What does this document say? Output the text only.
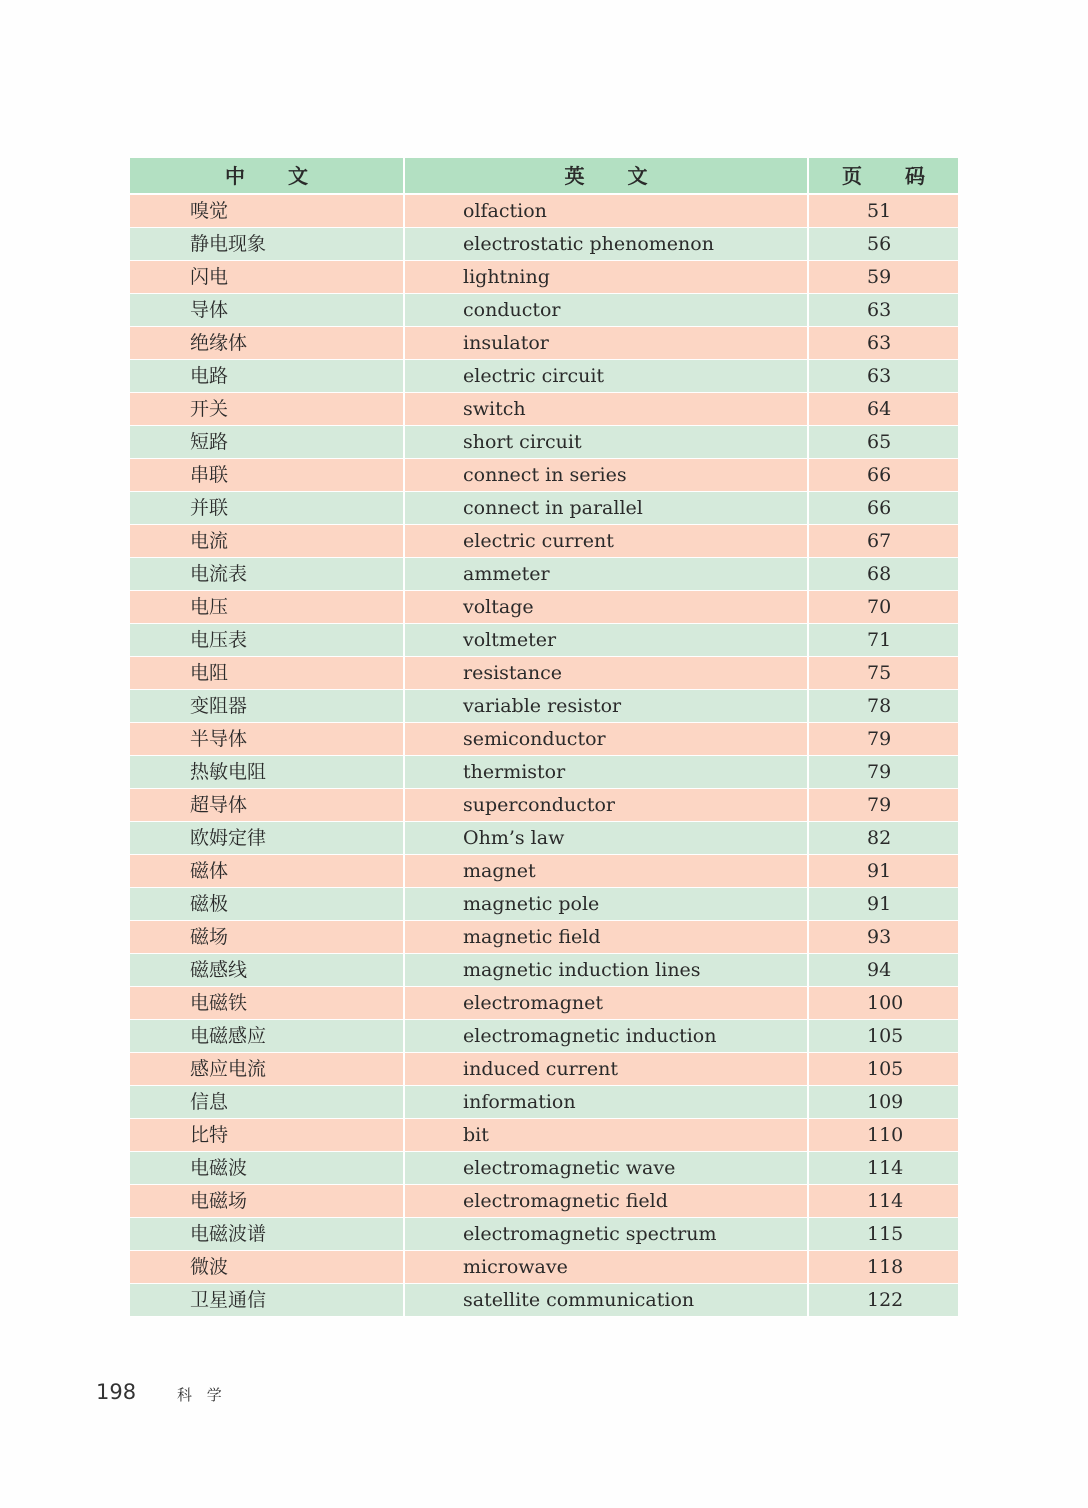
中 文	英 文	页 码
嗅觉	olfaction	51
静电现象	electrostatic phenomenon	56
闪电	lightning	59
导体	conductor	63
绝缘体	insulator	63
电路	electric circuit	63
开关	switch	64
短路	short circuit	65
串联	connect in series	66
并联	connect in parallel	66
电流	electric current	67
电流表	ammeter	68
电压	voltage	70
电压表	voltmeter	71
电阻	resistance	75
变阻器	variable resistor	78
半导体	semiconductor	79
热敏电阻	thermistor	79
超导体	superconductor	79
欧姆定律	Ohm’s law	82
磁体	magnet	91
磁极	magnetic pole	91
磁场	magnetic field	93
磁感线	magnetic induction lines	94
电磁铁	electromagnet	100
电磁感应	electromagnetic induction	105
感应电流	induced current	105
信息	information	109
比特	bit	110
电磁波	electromagnetic wave	114
电磁场	electromagnetic field	114
电磁波谱	electromagnetic spectrum	115
微波	microwave	118
卫星通信	satellite communication	122
198	科 学
